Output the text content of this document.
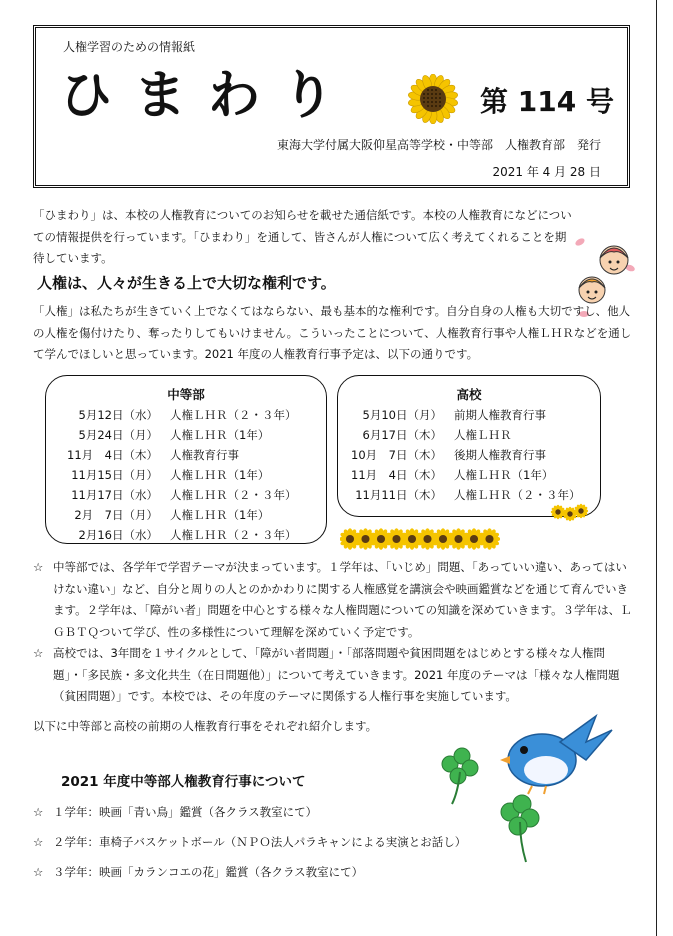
人権学習のための情報紙
ひまわり	第 114 号
東海大学付属大阪仰星高等学校・中等部　人権教育部　発行
2021 年 4 月 28 日
「ひまわり」は、本校の人権教育についてのお知らせを載せた通信紙です。本校の人権教育になどについての情報提供を行っています。「ひまわり」を通して、皆さんが人権について広く考えてくれることを期待しています。
人権は、人々が生きる上で大切な権利です。
「人権」は私たちが生きていく上でなくてはならない、最も基本的な権利です。自分自身の人権も大切ですし、他人の人権を傷付けたり、奪ったりしてもいけません。こういったことについて、人権教育行事や人権ＬＨＲなどを通して学んでほしいと思っています。2021 年度の人権教育行事予定は、以下の通りです。
中等部
5月12日（水） 人権ＬＨＲ（２・３年）
5月24日（月） 人権ＬＨＲ（1年）
11月　4日（木） 人権教育行事
11月15日（月） 人権ＬＨＲ（1年）
11月17日（水） 人権ＬＨＲ（２・３年）
2月　7日（月） 人権ＬＨＲ（1年）
2月16日（水） 人権ＬＨＲ（２・３年）
高校
5月10日（月） 前期人権教育行事
6月17日（木） 人権ＬＨＲ
10月　7日（木） 後期人権教育行事
11月　4日（木） 人権ＬＨＲ（1年）
11月11日（木） 人権ＬＨＲ（２・３年）
☆ 中等部では、各学年で学習テーマが決まっています。１学年は、「いじめ」問題、「あっていい違い、あってはいけない違い」など、自分と周りの人とのかかわりに関する人権感覚を講演会や映画鑑賞などを通じて育んでいきます。２学年は、「障がい者」問題を中心とする様々な人権問題についての知識を深めていきます。３学年は、ＬＧＢＴＱついて学び、性の多様性について理解を深めていく予定です。
☆ 高校では、3年間を１サイクルとして、「障がい者問題」・「部落問題や貧困問題をはじめとする様々な人権問題」・「多民族・多文化共生（在日問題他）」について考えていきます。2021 年度のテーマは「様々な人権問題（貧困問題）」です。本校では、その年度のテーマに関係する人権行事を実施しています。
以下に中等部と高校の前期の人権教育行事をそれぞれ紹介します。
2021 年度中等部人権教育行事について
☆ １学年：映画「青い鳥」鑑賞（各クラス教室にて）
☆ ２学年：車椅子バスケットボール（ＮＰＯ法人パラキャンによる実演とお話し）
☆ ３学年：映画「カランコエの花」鑑賞（各クラス教室にて）
